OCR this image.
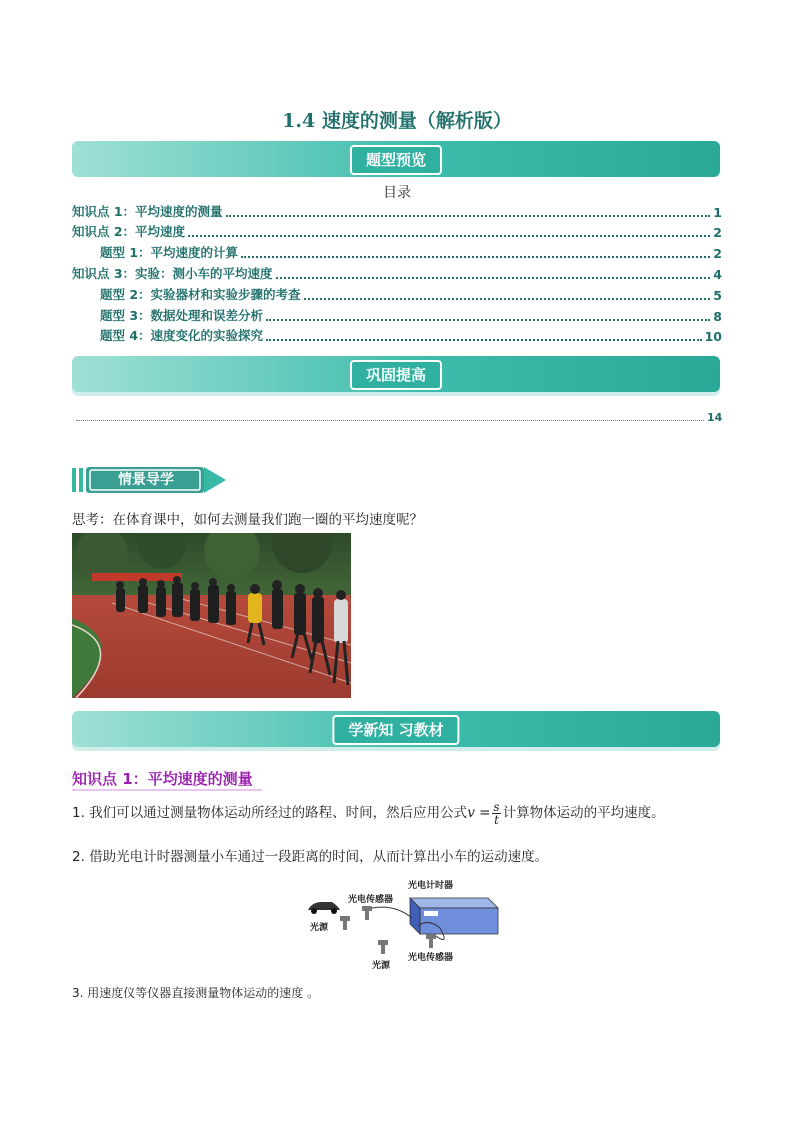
1.4 速度的测量（解析版）
题型预览
目录
知识点 1：平均速度的测量	1
知识点 2：平均速度	2
题型 1：平均速度的计算	2
知识点 3：实验：测小车的平均速度	4
题型 2：实验器材和实验步骤的考查	5
题型 3：数据处理和误差分析	8
题型 4：速度变化的实验探究	10
巩固提高
14
情景导学
思考：在体育课中，如何去测量我们跑一圈的平均速度呢？
学新知 习教材
知识点 1：平均速度的测量
1. 我们可以通过测量物体运动所经过的路程、时间，然后应用公式$v = \frac{s}{t}$ 计算物体运动的平均速度。
2. 借助光电计时器测量小车通过一段距离的时间，从而计算出小车的运动速度。
光电计时器
光电传感器
光源
光源
光电传感器
3. 用速度仪等仪器直接测量物体运动的速度 。
